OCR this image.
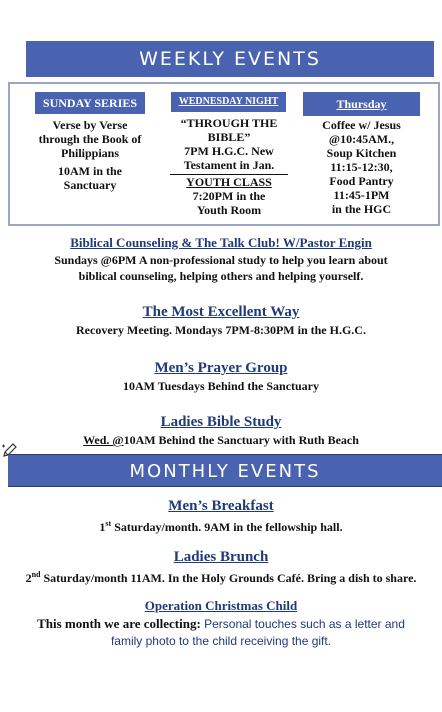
WEEKLY EVENTS
SUNDAY SERIES
Verse by Verse
through the Book of
Philippians
10AM in the
Sanctuary
WEDNESDAY NIGHT
“THROUGH THE
BIBLE”
7PM H.G.C. New
Testament in Jan.
YOUTH CLASS
7:20PM in the
Youth Room
Thursday
Coffee w/ Jesus
@10:45AM.,
Soup Kitchen
11:15-12:30,
Food Pantry
11:45-1PM
in the HGC
Biblical Counseling & The Talk Club! W/Pastor Engin
Sundays @6PM A non-professional study to help you learn about
biblical counseling, helping others and helping yourself.
The Most Excellent Way
Recovery Meeting. Mondays 7PM-8:30PM in the H.G.C.
Men’s Prayer Group
10AM Tuesdays Behind the Sanctuary
Ladies Bible Study
Wed. @10AM Behind the Sanctuary with Ruth Beach
MONTHLY EVENTS
Men’s Breakfast
1st Saturday/month. 9AM in the fellowship hall.
Ladies Brunch
2nd Saturday/month 11AM. In the Holy Grounds Café. Bring a dish to share.
Operation Christmas Child
This month we are collecting: Personal touches such as a letter and
family photo to the child receiving the gift.
